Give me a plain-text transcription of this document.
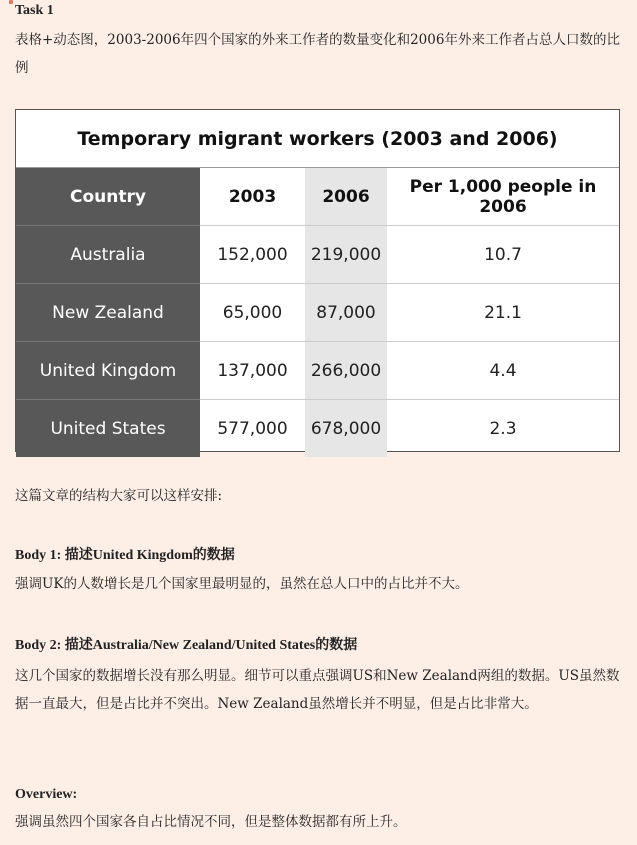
Task 1
表格+动态图，2003-2006年四个国家的外来工作者的数量变化和2006年外来工作者占总人口数的比例
Temporary migrant workers (2003 and 2006)
Country	2003	2006	Per 1,000 people in 2006
Australia	152,000	219,000	10.7
New Zealand	65,000	87,000	21.1
United Kingdom	137,000	266,000	4.4
United States	577,000	678,000	2.3
这篇文章的结构大家可以这样安排:
Body 1: 描述United Kingdom的数据
强调UK的人数增长是几个国家里最明显的，虽然在总人口中的占比并不大。
Body 2: 描述Australia/New Zealand/United States的数据
这几个国家的数据增长没有那么明显。细节可以重点强调US和New Zealand两组的数据。US虽然数据一直最大，但是占比并不突出。New Zealand虽然增长并不明显，但是占比非常大。
Overview:
强调虽然四个国家各自占比情况不同，但是整体数据都有所上升。
